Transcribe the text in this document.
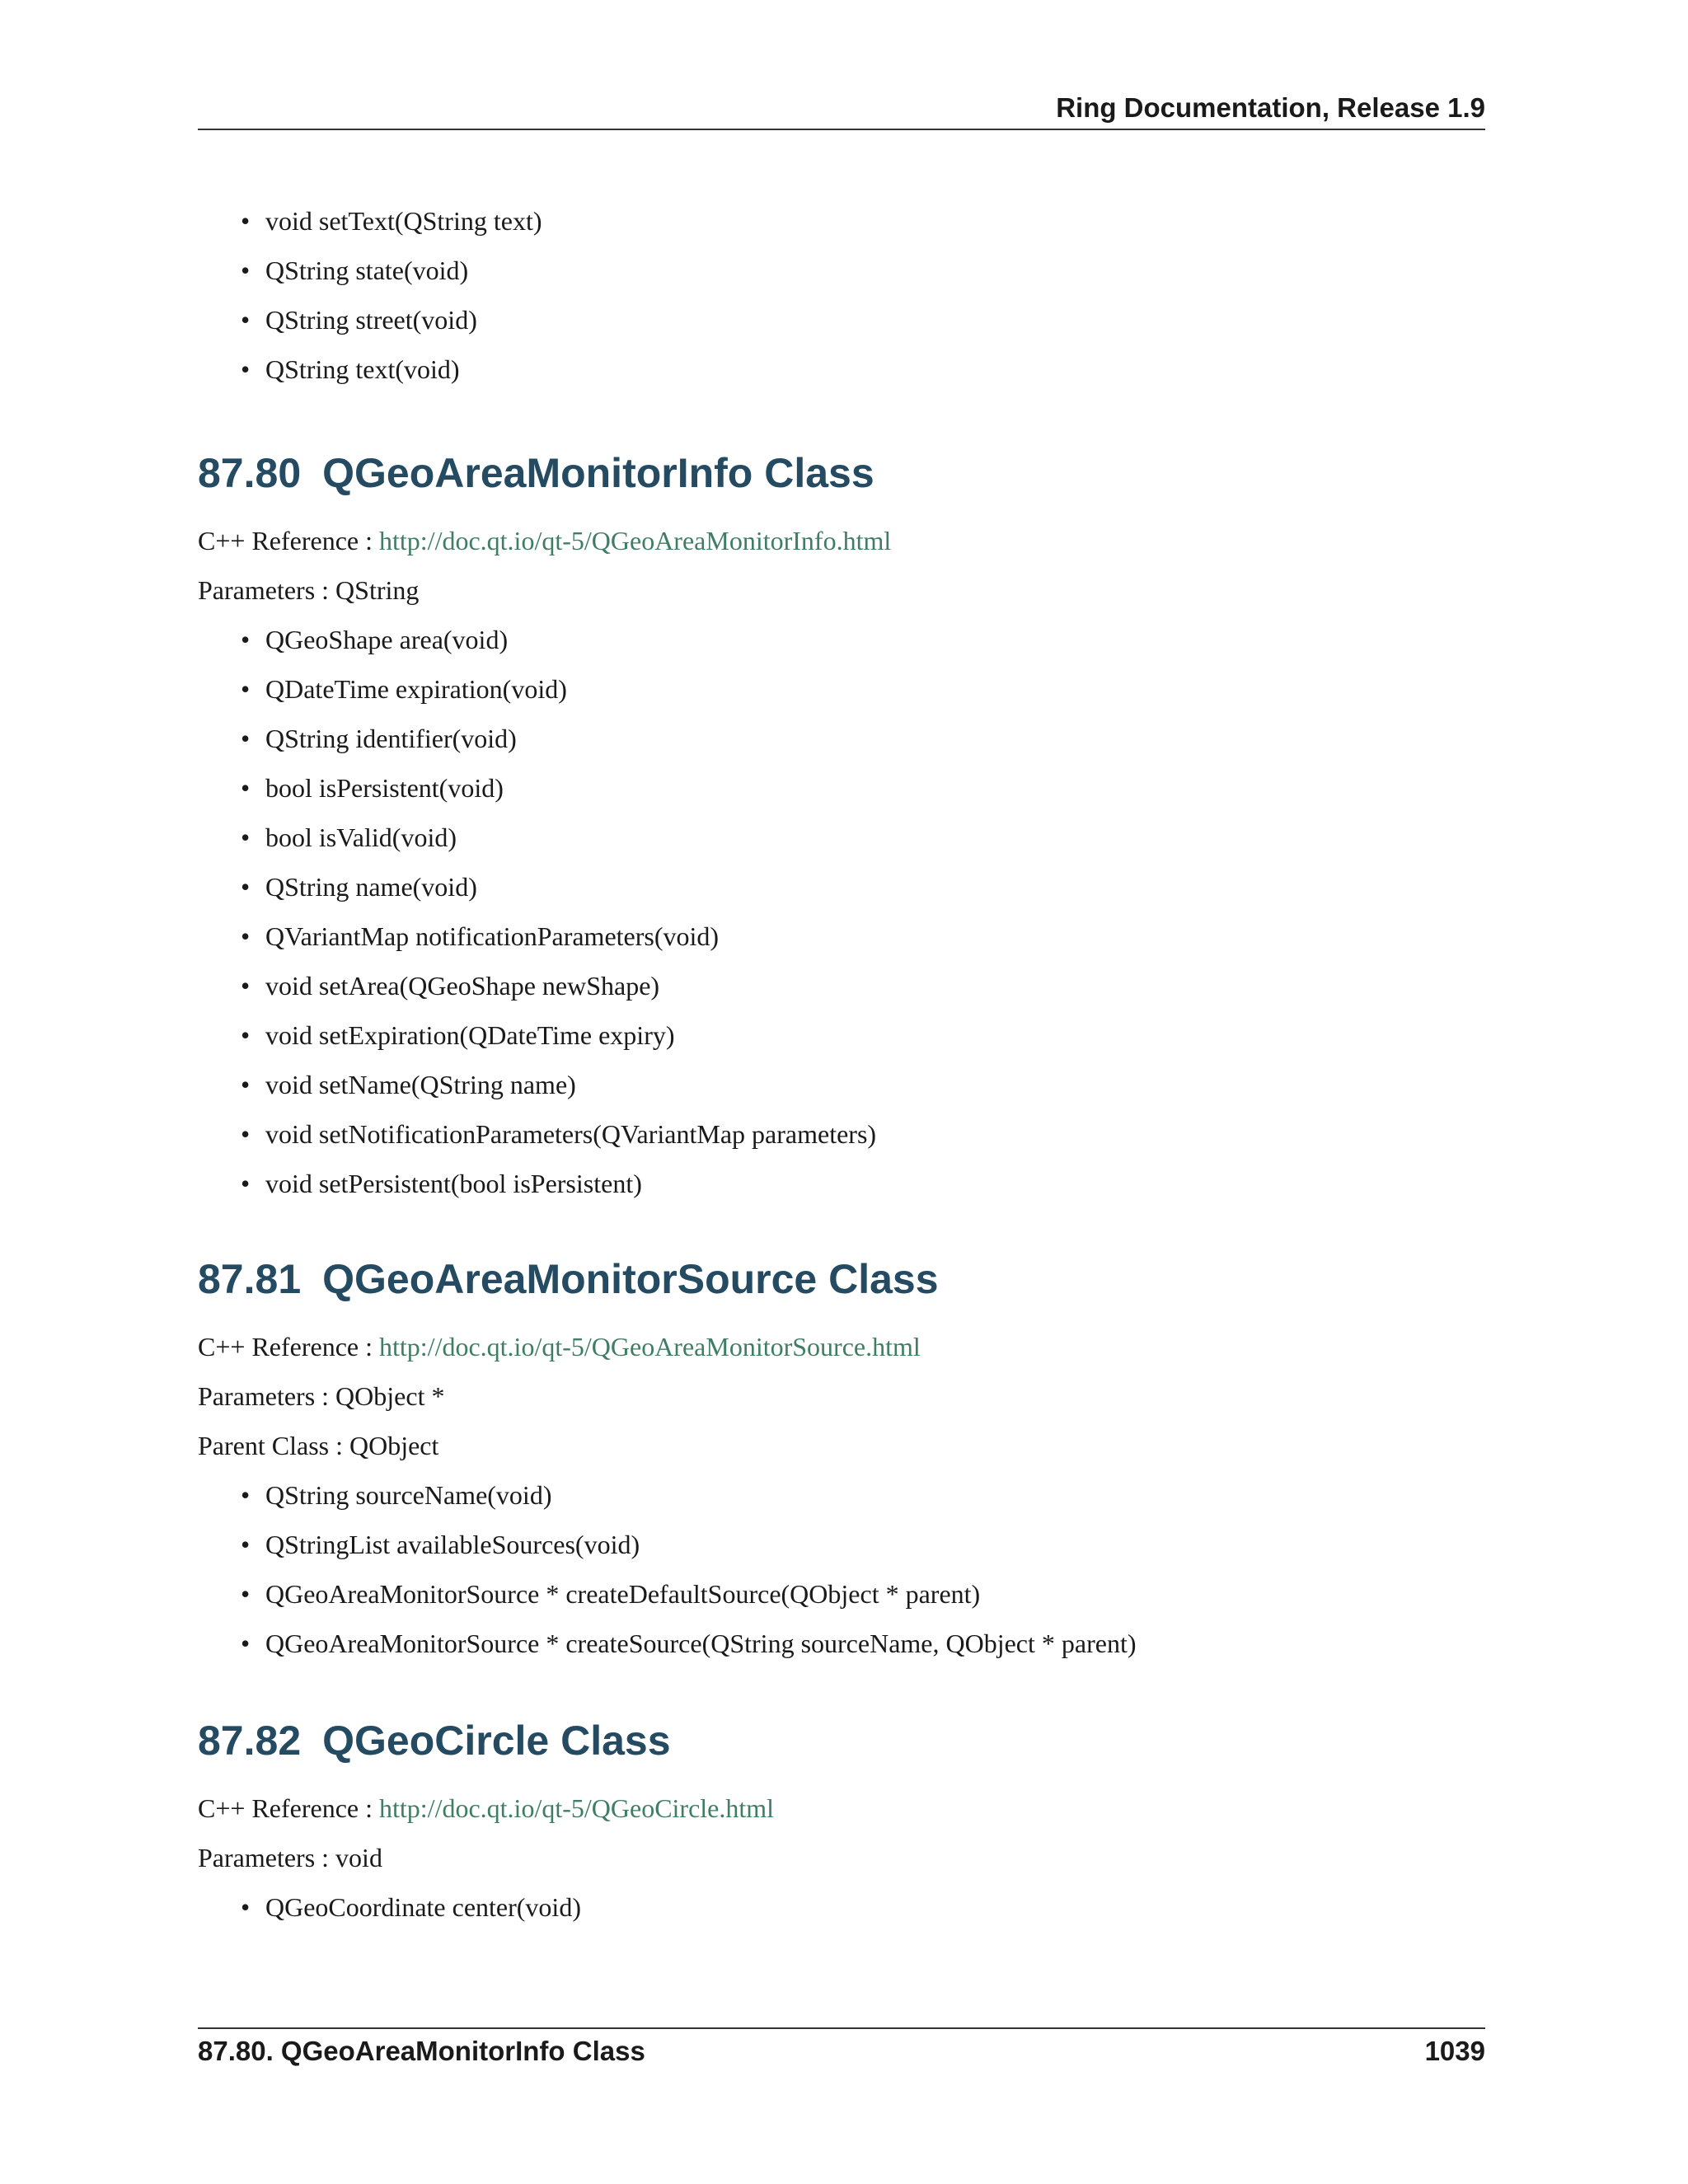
Ring Documentation, Release 1.9
• void setText(QString text)
• QString state(void)
• QString street(void)
• QString text(void)
87.80 QGeoAreaMonitorInfo Class

C++ Reference : http://doc.qt.io/qt-5/QGeoAreaMonitorInfo.html

Parameters : QString

• QGeoShape area(void)
• QDateTime expiration(void)
• QString identifier(void)
• bool isPersistent(void)
• bool isValid(void)
• QString name(void)
• QVariantMap notificationParameters(void)
• void setArea(QGeoShape newShape)
• void setExpiration(QDateTime expiry)
• void setName(QString name)
• void setNotificationParameters(QVariantMap parameters)
• void setPersistent(bool isPersistent)
87.81 QGeoAreaMonitorSource Class

C++ Reference : http://doc.qt.io/qt-5/QGeoAreaMonitorSource.html

Parameters : QObject *

Parent Class : QObject

• QString sourceName(void)
• QStringList availableSources(void)
• QGeoAreaMonitorSource * createDefaultSource(QObject * parent)
• QGeoAreaMonitorSource * createSource(QString sourceName, QObject * parent)
87.82 QGeoCircle Class

C++ Reference : http://doc.qt.io/qt-5/QGeoCircle.html

Parameters : void

• QGeoCoordinate center(void)
87.80. QGeoAreaMonitorInfo Class	1039
